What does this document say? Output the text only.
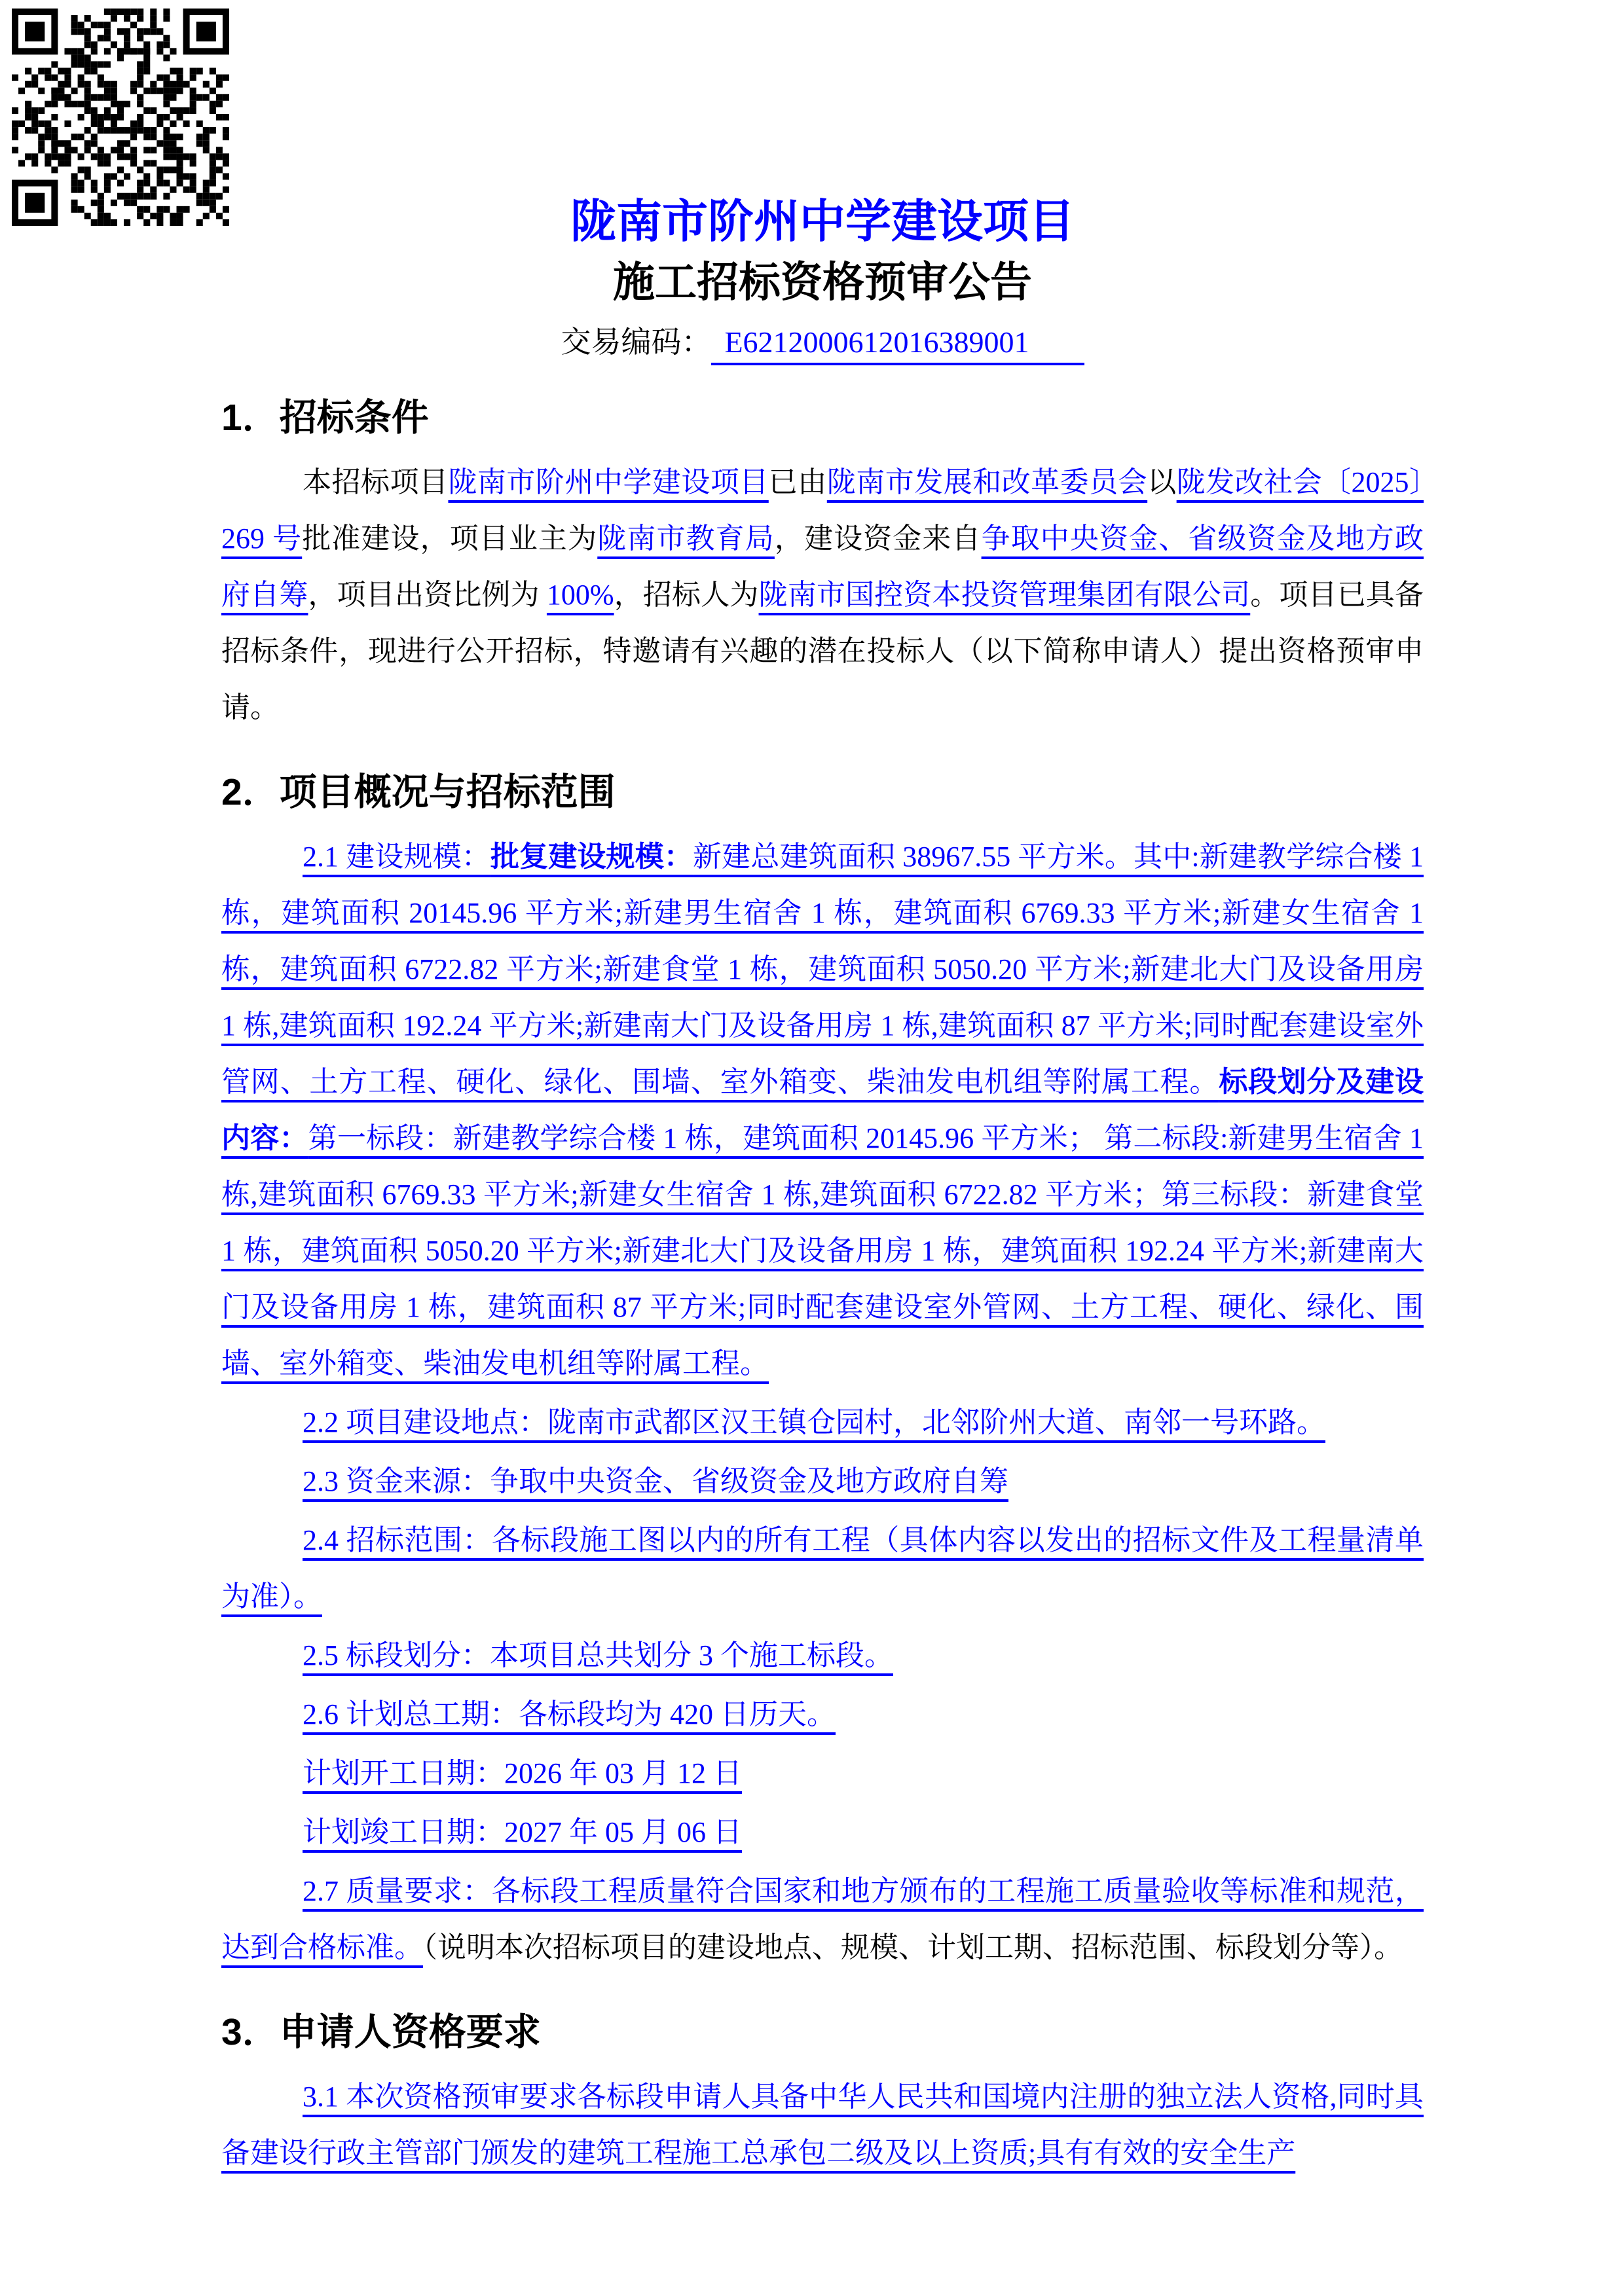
陇南市阶州中学建设项目
施工招标资格预审公告
交易编码： E6212000612016389001
1．招标条件

本招标项目陇南市阶州中学建设项目已由陇南市发展和改革委员会以陇发改社会〔2025〕269 号批准建设，项目业主为陇南市教育局，建设资金来自争取中央资金、省级资金及地方政府自筹，项目出资比例为 100%，招标人为陇南市国控资本投资管理集团有限公司。项目已具备招标条件，现进行公开招标，特邀请有兴趣的潜在投标人（以下简称申请人）提出资格预审申请。

2．项目概况与招标范围

2.1 建设规模：批复建设规模：新建总建筑面积 38967.55 平方米。其中:新建教学综合楼 1 栋，建筑面积 20145.96 平方米;新建男生宿舍 1 栋，建筑面积 6769.33 平方米;新建女生宿舍 1 栋，建筑面积 6722.82 平方米;新建食堂 1 栋，建筑面积 5050.20 平方米;新建北大门及设备用房 1 栋,建筑面积 192.24 平方米;新建南大门及设备用房 1 栋,建筑面积 87 平方米;同时配套建设室外管网、土方工程、硬化、绿化、围墙、室外箱变、柴油发电机组等附属工程。标段划分及建设内容：第一标段：新建教学综合楼 1 栋，建筑面积 20145.96 平方米； 第二标段:新建男生宿舍 1 栋,建筑面积 6769.33 平方米;新建女生宿舍 1 栋,建筑面积 6722.82 平方米；第三标段：新建食堂 1 栋，建筑面积 5050.20 平方米;新建北大门及设备用房 1 栋，建筑面积 192.24 平方米;新建南大门及设备用房 1 栋，建筑面积 87 平方米;同时配套建设室外管网、土方工程、硬化、绿化、围墙、室外箱变、柴油发电机组等附属工程。

2.2 项目建设地点：陇南市武都区汉王镇仓园村，北邻阶州大道、南邻一号环路。

2.3 资金来源：争取中央资金、省级资金及地方政府自筹

2.4 招标范围：各标段施工图以内的所有工程（具体内容以发出的招标文件及工程量清单为准）。

2.5 标段划分：本项目总共划分 3 个施工标段。

2.6 计划总工期：各标段均为 420 日历天。

计划开工日期：2026 年 03 月 12 日

计划竣工日期：2027 年 05 月 06 日

2.7 质量要求：各标段工程质量符合国家和地方颁布的工程施工质量验收等标准和规范，达到合格标准。（说明本次招标项目的建设地点、规模、计划工期、招标范围、标段划分等）。

3．申请人资格要求

3.1 本次资格预审要求各标段申请人具备中华人民共和国境内注册的独立法人资格,同时具备建设行政主管部门颁发的建筑工程施工总承包二级及以上资质;具有有效的安全生产
